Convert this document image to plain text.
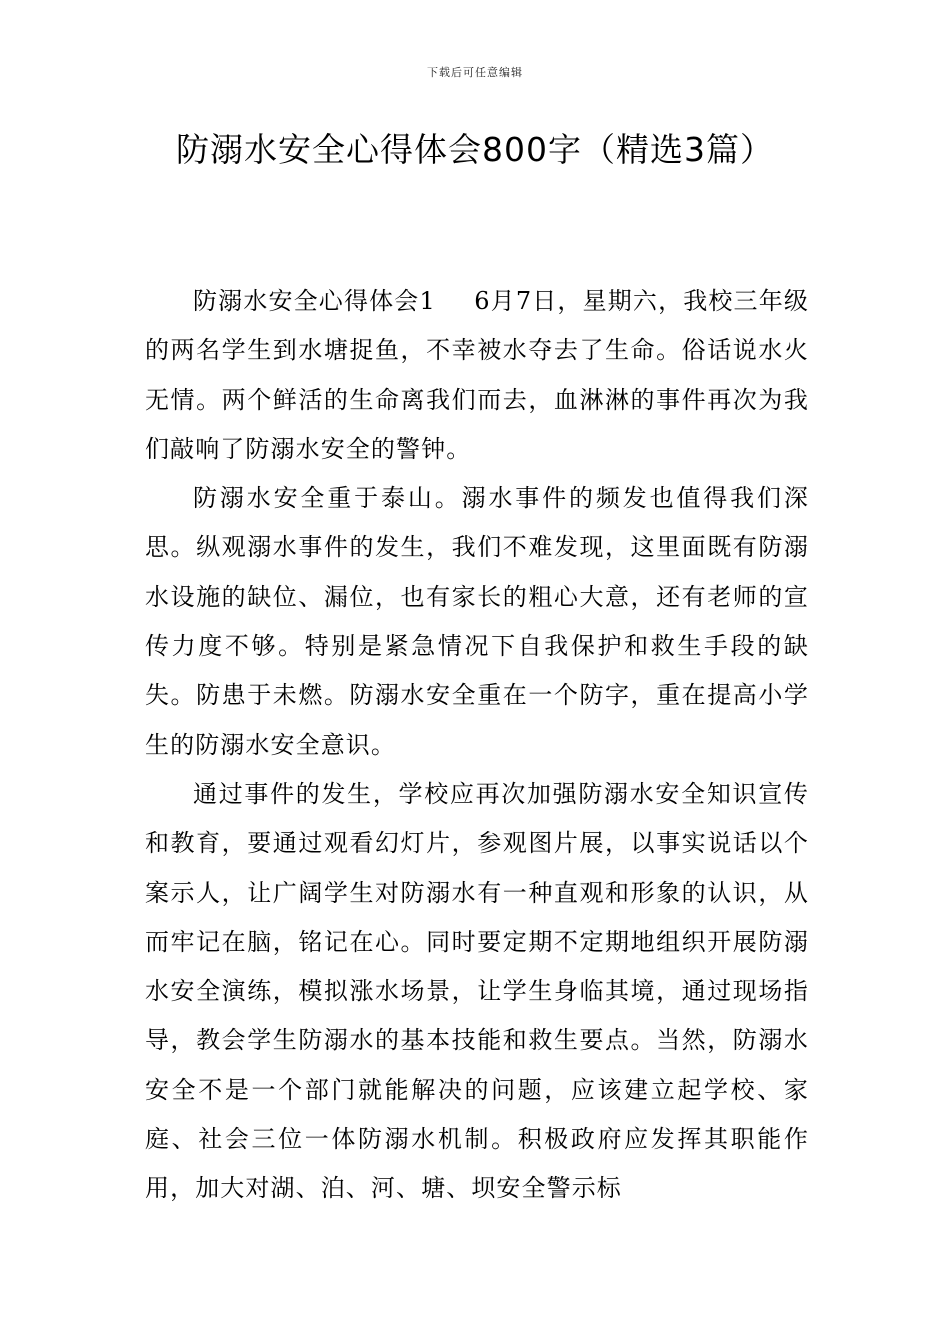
下载后可任意编辑
防溺水安全心得体会800字（精选3篇）

防溺水安全心得体会1 6月7日，星期六，我校三年级的两名学生到水塘捉鱼，不幸被水夺去了生命。俗话说水火无情。两个鲜活的生命离我们而去，血淋淋的事件再次为我们敲响了防溺水安全的警钟。

防溺水安全重于泰山。溺水事件的频发也值得我们深思。纵观溺水事件的发生，我们不难发现，这里面既有防溺水设施的缺位、漏位，也有家长的粗心大意，还有老师的宣传力度不够。特别是紧急情况下自我保护和救生手段的缺失。防患于未燃。防溺水安全重在一个防字，重在提高小学生的防溺水安全意识。

通过事件的发生，学校应再次加强防溺水安全知识宣传和教育，要通过观看幻灯片，参观图片展，以事实说话以个案示人，让广阔学生对防溺水有一种直观和形象的认识，从而牢记在脑，铭记在心。同时要定期不定期地组织开展防溺水安全演练，模拟涨水场景，让学生身临其境，通过现场指导，教会学生防溺水的基本技能和救生要点。当然，防溺水安全不是一个部门就能解决的问题，应该建立起学校、家庭、社会三位一体防溺水机制。积极政府应发挥其职能作用，加大对湖、泊、河、塘、坝安全警示标
